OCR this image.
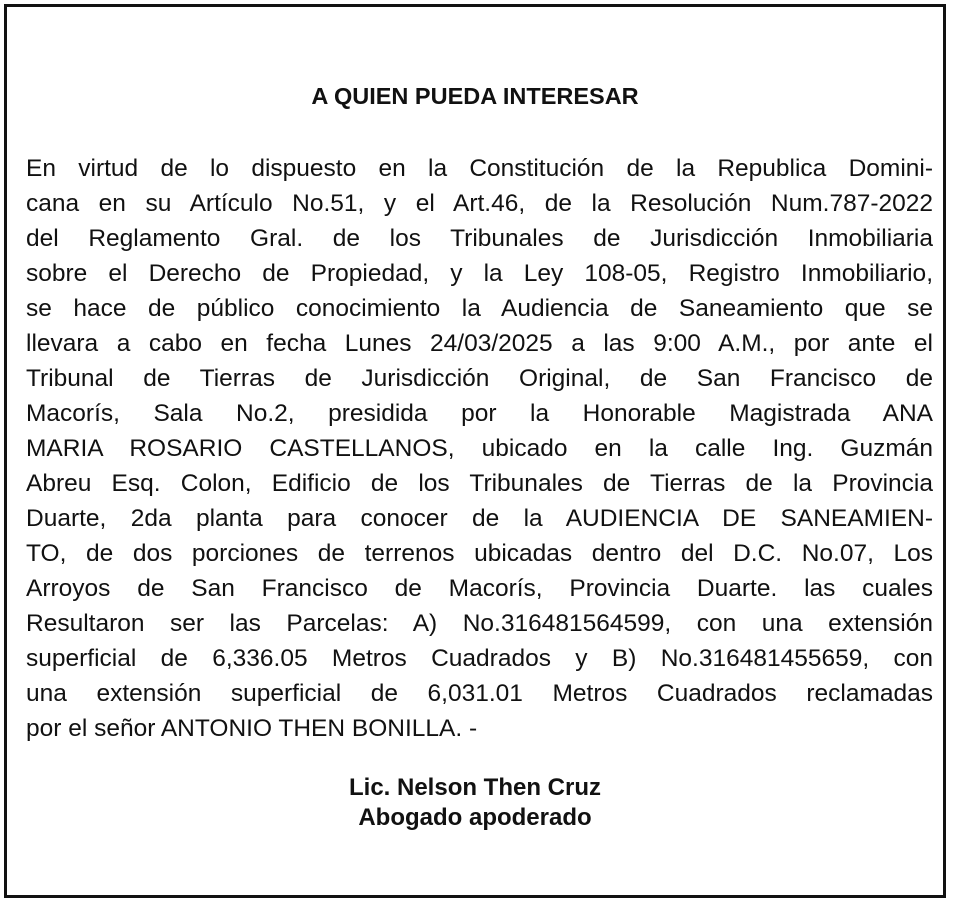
A QUIEN PUEDA INTERESAR
En virtud de lo dispuesto en la Constitución de la Republica Domini-
cana en su Artículo No.51, y el Art.46, de la Resolución Num.787-2022
del Reglamento Gral. de los Tribunales de Jurisdicción Inmobiliaria
sobre el Derecho de Propiedad, y la Ley 108-05, Registro Inmobiliario,
se hace de público conocimiento la Audiencia de Saneamiento que se
llevara a cabo en fecha Lunes 24/03/2025 a las 9:00 A.M., por ante el
Tribunal de Tierras de Jurisdicción Original, de San Francisco de
Macorís, Sala No.2, presidida por la Honorable Magistrada ANA
MARIA ROSARIO CASTELLANOS, ubicado en la calle Ing. Guzmán
Abreu Esq. Colon, Edificio de los Tribunales de Tierras de la Provincia
Duarte, 2da planta para conocer de la AUDIENCIA DE SANEAMIEN-
TO, de dos porciones de terrenos ubicadas dentro del D.C. No.07, Los
Arroyos de San Francisco de Macorís, Provincia Duarte. las cuales
Resultaron ser las Parcelas: A) No.316481564599, con una extensión
superficial de 6,336.05 Metros Cuadrados y B) No.316481455659, con
una extensión superficial de 6,031.01 Metros Cuadrados reclamadas
por el señor ANTONIO THEN BONILLA. -
Lic. Nelson Then Cruz
Abogado apoderado
